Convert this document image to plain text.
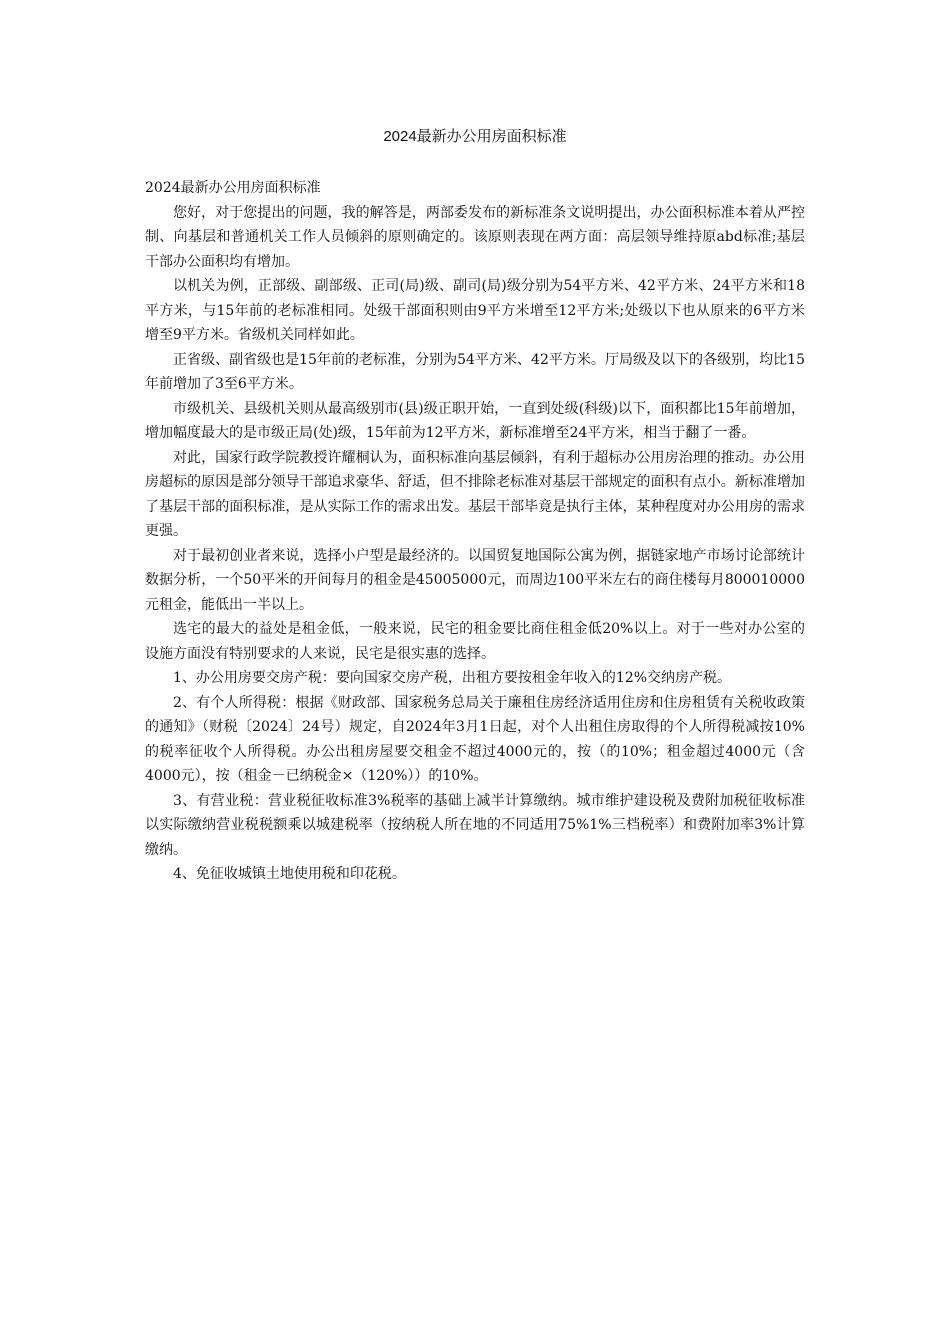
2024最新办公用房面积标准

2024最新办公用房面积标准

您好，对于您提出的问题，我的解答是，两部委发布的新标准条文说明提出，办公面积标准本着从严控制、向基层和普通机关工作人员倾斜的原则确定的。该原则表现在两方面：高层领导维持原abd标准;基层干部办公面积均有增加。

以机关为例，正部级、副部级、正司(局)级、副司(局)级分别为54平方米、42平方米、24平方米和18平方米，与15年前的老标准相同。处级干部面积则由9平方米增至12平方米;处级以下也从原来的6平方米增至9平方米。省级机关同样如此。

正省级、副省级也是15年前的老标准，分别为54平方米、42平方米。厅局级及以下的各级别，均比15年前增加了3至6平方米。

市级机关、县级机关则从最高级别市(县)级正职开始，一直到处级(科级)以下，面积都比15年前增加，增加幅度最大的是市级正局(处)级，15年前为12平方米，新标准增至24平方米，相当于翻了一番。

对此，国家行政学院教授许耀桐认为，面积标准向基层倾斜，有利于超标办公用房治理的推动。办公用房超标的原因是部分领导干部追求豪华、舒适，但不排除老标准对基层干部规定的面积有点小。新标准增加了基层干部的面积标准，是从实际工作的需求出发。基层干部毕竟是执行主体，某种程度对办公用房的需求更强。

对于最初创业者来说，选择小户型是最经济的。以国贸复地国际公寓为例，据链家地产市场讨论部统计数据分析，一个50平米的开间每月的租金是45005000元，而周边100平米左右的商住楼每月800010000元租金，能低出一半以上。

选宅的最大的益处是租金低，一般来说，民宅的租金要比商住租金低20%以上。对于一些对办公室的设施方面没有特别要求的人来说，民宅是很实惠的选择。

1、办公用房要交房产税：要向国家交房产税，出租方要按租金年收入的12%交纳房产税。

2、有个人所得税：根据《财政部、国家税务总局关于廉租住房经济适用住房和住房租赁有关税收政策的通知》（财税〔2024〕24号）规定，自2024年3月1日起，对个人出租住房取得的个人所得税减按10%的税率征收个人所得税。办公出租房屋要交租金不超过4000元的，按（的10%；租金超过4000元（含4000元），按（租金－已纳税金×（120%））的10%。

3、有营业税：营业税征收标准3%税率的基础上减半计算缴纳。城市维护建设税及费附加税征收标准以实际缴纳营业税税额乘以城建税率（按纳税人所在地的不同适用75%1%三档税率）和费附加率3%计算缴纳。

4、免征收城镇土地使用税和印花税。
